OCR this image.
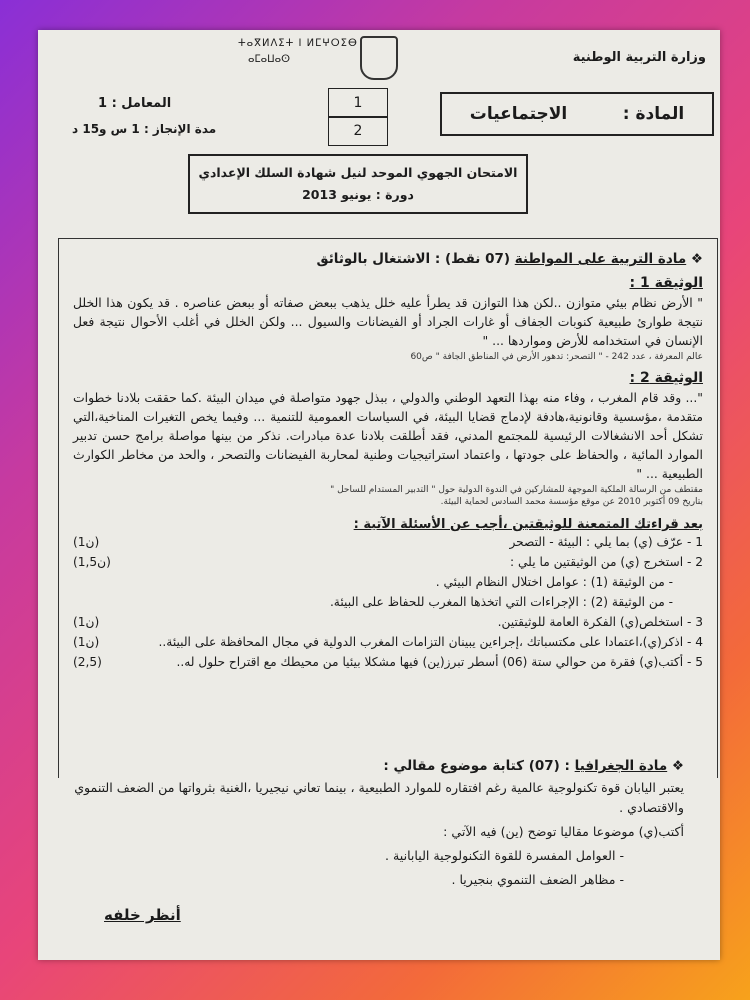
ⵜⴰⴳⵍⴷⵉⵜ ⵏ ⵍⵎⵖⵔⵉⴱ
ⴰⵎⴰⵡⴰⵙ	وزارة التربية الوطنية
المادة :
الاجتماعيات
1
2
المعامل : 1
مدة الإنجاز : 1 س و15 د
الامتحان الجهوي الموحد لنيل شهادة السلك الإعدادي
دورة : يونيو 2013
❖ مادة التربية على المواطنة (07 نقط) : الاشتغال بالوثائق
الوثيقة 1 :

" الأرض نظام بيئي متوازن ..لكن هذا التوازن قد يطرأ عليه خلل يذهب ببعض صفاته أو ببعض عناصره . قد يكون هذا الخلل نتيجة طوارئ طبيعية كنوبات الجفاف أو غارات الجراد أو الفيضانات والسيول ... ولكن الخلل في أغلب الأحوال نتيجة فعل الإنسان في استخدامه للأرض ومواردها ... "

عالم المعرفة ، عدد 242 - " التصحر: تدهور الأرض في المناطق الجافة " ص60
الوثيقة 2 :

"... وقد قام المغرب ، وفاء منه بهذا التعهد الوطني والدولي ، ببذل جهود متواصلة في ميدان البيئة .كما حققت بلادنا خطوات متقدمة ،مؤسسية وقانونية،هادفة لإدماج قضايا البيئة، في السياسات العمومية للتنمية ... وفيما يخص التغيرات المناخية،التي تشكل أحد الانشغالات الرئيسية للمجتمع المدني، فقد أطلقت بلادنا عدة مبادرات. نذكر من بينها مواصلة برامج حسن تدبير الموارد المائية ، والحفاظ على جودتها ، واعتماد استراتيجيات وطنية لمحاربة الفيضانات والتصحر ، والحد من مخاطر الكوارث الطبيعية ... "

مقتطف من الرسالة الملكية الموجهة للمشاركين في الندوة الدولية حول " التدبير المستدام للساحل "
بتاريخ 09 أكتوبر 2010 عن موقع مؤسسة محمد السادس لحماية البيئة.
بعد قراءتك المتمعنة للوثيقتين ،أجب عن الأسئلة الآتية :
1 - عرّف (ي) بما يلي : البيئة - التصحر
(1ن)
2 - استخرج (ي) من الوثيقتين ما يلي :
(1,5ن)
- من الوثيقة (1) : عوامل اختلال النظام البيئي .
- من الوثيقة (2) : الإجراءات التي اتخذها المغرب للحفاظ على البيئة.
3 - استخلص(ي) الفكرة العامة للوثيقتين.
(1ن)
4 - اذكر(ي)،اعتمادا على مكتسباتك ،إجراءين يبينان التزامات المغرب الدولية في مجال المحافظة على البيئة..
(1ن)
5 - أكتب(ي) فقرة من حوالي ستة (06) أسطر تبرز(ين) فيها مشكلا بيئيا من محيطك مع اقتراح حلول له..
(2,5)
❖ مادة الجغرافيا : (07) كتابة موضوع مقالي :

يعتبر اليابان قوة تكنولوجية عالمية رغم افتقاره للموارد الطبيعية ، بينما تعاني نيجيريا ،الغنية بثرواتها من الضعف التنموي والاقتصادي .

أكتب(ي) موضوعا مقاليا توضح (ين) فيه الآتي :

- العوامل المفسرة للقوة التكنولوجية اليابانية .

- مظاهر الضعف التنموي بنجيريا .

أنظر خلفه
